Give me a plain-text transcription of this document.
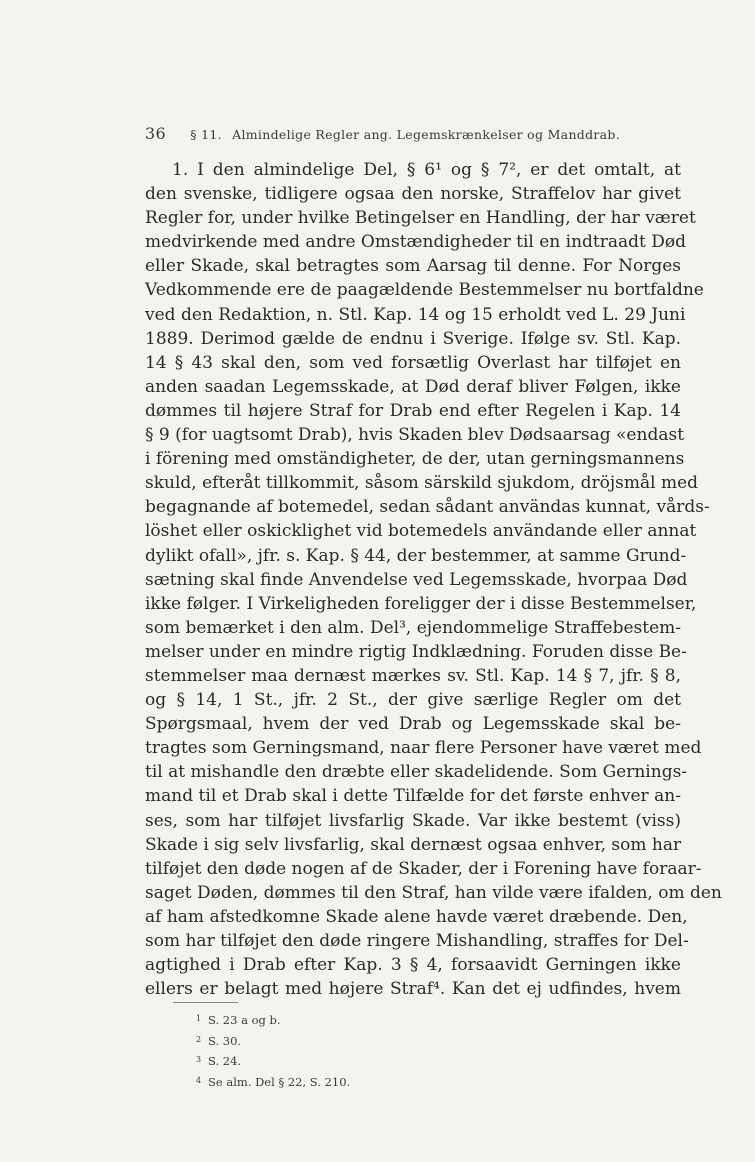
36 § 11. Almindelige Regler ang. Legemskrænkelser og Manddrab.
1. I den almindelige Del, § 6¹ og § 7², er det omtalt, at
den svenske, tidligere ogsaa den norske, Straffelov har givet
Regler for, under hvilke Betingelser en Handling, der har været
medvirkende med andre Omstændigheder til en indtraadt Død
eller Skade, skal betragtes som Aarsag til denne. For Norges
Vedkommende ere de paagældende Bestemmelser nu bortfaldne
ved den Redaktion, n. Stl. Kap. 14 og 15 erholdt ved L. 29 Juni
1889. Derimod gælde de endnu i Sverige. Ifølge sv. Stl. Kap.
14 § 43 skal den, som ved forsætlig Overlast har tilføjet en
anden saadan Legemsskade, at Død deraf bliver Følgen, ikke
dømmes til højere Straf for Drab end efter Regelen i Kap. 14
§ 9 (for uagtsomt Drab), hvis Skaden blev Dødsaarsag «endast
i förening med omständigheter, de der, utan gerningsmannens
skuld, efteråt tillkommit, såsom särskild sjukdom, dröjsmål med
begagnande af botemedel, sedan sådant användas kunnat, vårds-
löshet eller oskicklighet vid botemedels användande eller annat
dylikt ofall», jfr. s. Kap. § 44, der bestemmer, at samme Grund-
sætning skal finde Anvendelse ved Legemsskade, hvorpaa Død
ikke følger. I Virkeligheden foreligger der i disse Bestemmelser,
som bemærket i den alm. Del³, ejendommelige Straffebestem-
melser under en mindre rigtig Indklædning. Foruden disse Be-
stemmelser maa dernæst mærkes sv. Stl. Kap. 14 § 7, jfr. § 8,
og § 14, 1 St., jfr. 2 St., der give særlige Regler om det
Spørgsmaal, hvem der ved Drab og Legemsskade skal be-
tragtes som Gerningsmand, naar flere Personer have været med
til at mishandle den dræbte eller skadelidende. Som Gernings-
mand til et Drab skal i dette Tilfælde for det første enhver an-
ses, som har tilføjet livsfarlig Skade. Var ikke bestemt (viss)
Skade i sig selv livsfarlig, skal dernæst ogsaa enhver, som har
tilføjet den døde nogen af de Skader, der i Forening have foraar-
saget Døden, dømmes til den Straf, han vilde være ifalden, om den
af ham afstedkomne Skade alene havde været dræbende. Den,
som har tilføjet den døde ringere Mishandling, straffes for Del-
agtighed i Drab efter Kap. 3 § 4, forsaavidt Gerningen ikke
ellers er belagt med højere Straf⁴. Kan det ej udfindes, hvem
1 S. 23 a og b.
2 S. 30.
3 S. 24.
4 Se alm. Del § 22, S. 210.
